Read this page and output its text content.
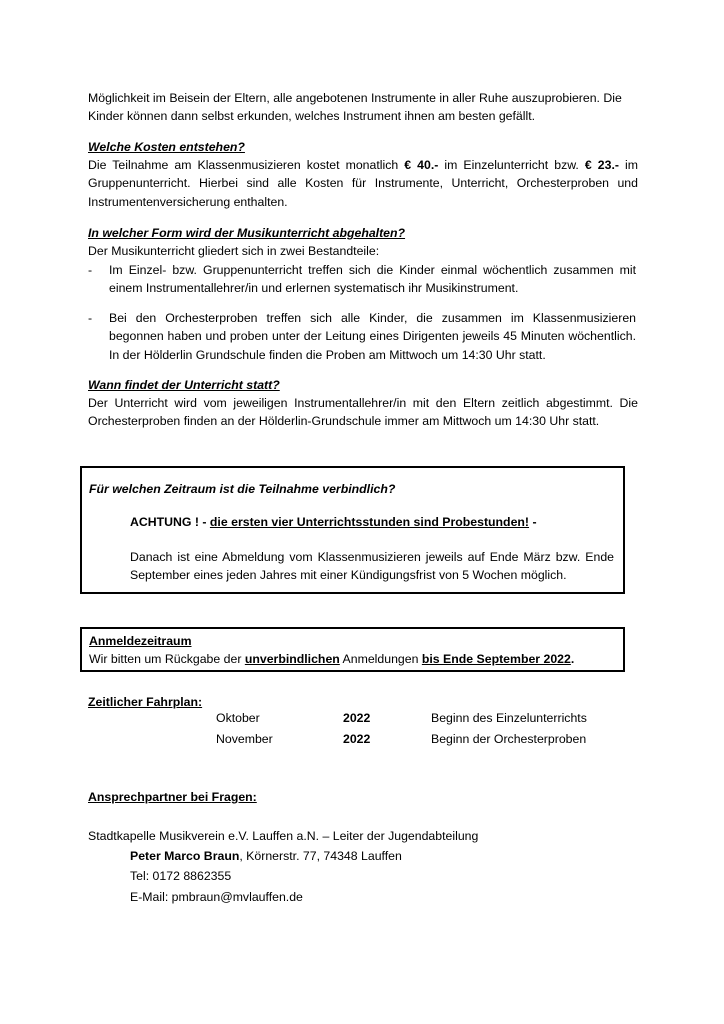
Möglichkeit im Beisein der Eltern, alle angebotenen Instrumente in aller Ruhe auszuprobieren. Die
Kinder können dann selbst erkunden, welches Instrument ihnen am besten gefällt.

Welche Kosten entstehen?

Die Teilnahme am Klassenmusizieren kostet monatlich € 40.- im Einzelunterricht bzw. € 23.- im Gruppenunterricht. Hierbei sind alle Kosten für Instrumente, Unterricht, Orchesterproben und Instrumentenversicherung enthalten.

In welcher Form wird der Musikunterricht abgehalten?

Der Musikunterricht gliedert sich in zwei Bestandteile:

- Im Einzel- bzw. Gruppenunterricht treffen sich die Kinder einmal wöchentlich zusammen mit einem Instrumentallehrer/in und erlernen systematisch ihr Musikinstrument.
- Bei den Orchesterproben treffen sich alle Kinder, die zusammen im Klassenmusizieren begonnen haben und proben unter der Leitung eines Dirigenten jeweils 45 Minuten wöchentlich. In der Hölderlin Grundschule finden die Proben am Mittwoch um 14:30 Uhr statt.

Wann findet der Unterricht statt?

Der Unterricht wird vom jeweiligen Instrumentallehrer/in mit den Eltern zeitlich abgestimmt. Die Orchesterproben finden an der Hölderlin-Grundschule immer am Mittwoch um 14:30 Uhr statt.

Für welchen Zeitraum ist die Teilnahme verbindlich?

ACHTUNG ! - die ersten vier Unterrichtsstunden sind Probestunden! -

Danach ist eine Abmeldung vom Klassenmusizieren jeweils auf Ende März bzw. Ende September eines jeden Jahres mit einer Kündigungsfrist von 5 Wochen möglich.

Anmeldezeitraum

Wir bitten um Rückgabe der unverbindlichen Anmeldungen bis Ende September 2022.

Zeitlicher Fahrplan:

Oktober	2022	Beginn des Einzelunterrichts
November	2022	Beginn der Orchesterproben

Ansprechpartner bei Fragen:

Stadtkapelle Musikverein e.V. Lauffen a.N. – Leiter der Jugendabteilung

Peter Marco Braun, Körnerstr. 77, 74348 Lauffen

Tel: 0172 8862355

E-Mail: pmbraun@mvlauffen.de
